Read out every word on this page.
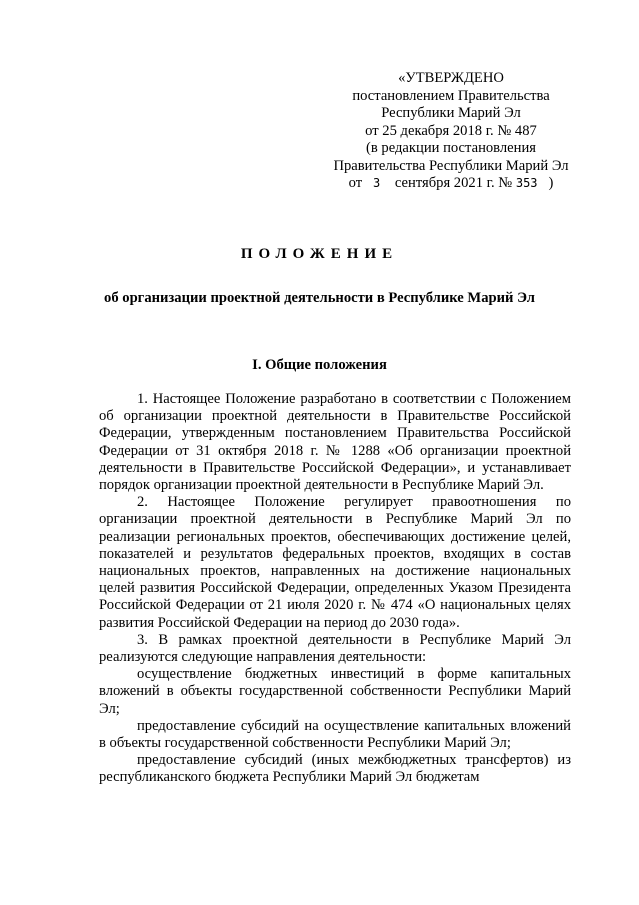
«УТВЕРЖДЕНО
постановлением Правительства
Республики Марий Эл
от 25 декабря 2018 г. № 487
(в редакции постановления
Правительства Республики Марий Эл
от 3 сентября 2021 г. № 353 )
ПОЛОЖЕНИЕ
об организации проектной деятельности в Республике Марий Эл
I. Общие положения

1. Настоящее Положение разработано в соответствии с Положением об организации проектной деятельности в Правительстве Российской Федерации, утвержденным постановлением Правительства Российской Федерации от 31 октября 2018 г. № 1288 «Об организации проектной деятельности в Правительстве Российской Федерации», и устанавливает порядок организации проектной деятельности в Республике Марий Эл.

2. Настоящее Положение регулирует правоотношения по организации проектной деятельности в Республике Марий Эл по реализации региональных проектов, обеспечивающих достижение целей, показателей и результатов федеральных проектов, входящих в состав национальных проектов, направленных на достижение национальных целей развития Российской Федерации, определенных Указом Президента Российской Федерации от 21 июля 2020 г. № 474 «О национальных целях развития Российской Федерации на период до 2030 года».

3. В рамках проектной деятельности в Республике Марий Эл реализуются следующие направления деятельности:

осуществление бюджетных инвестиций в форме капитальных вложений в объекты государственной собственности Республики Марий Эл;

предоставление субсидий на осуществление капитальных вложений в объекты государственной собственности Республики Марий Эл;

предоставление субсидий (иных межбюджетных трансфертов) из республиканского бюджета Республики Марий Эл бюджетам
